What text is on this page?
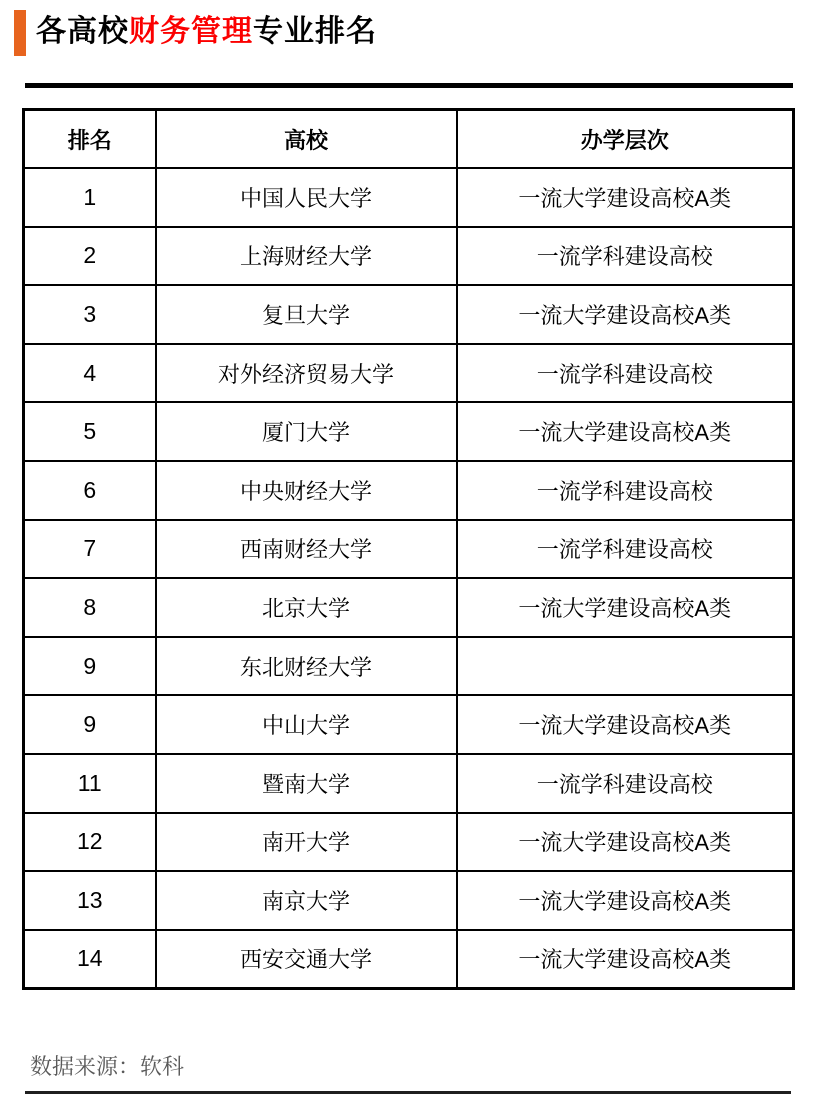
各高校财务管理专业排名
排名	高校	办学层次
1	中国人民大学	一流大学建设高校A类
2	上海财经大学	一流学科建设高校
3	复旦大学	一流大学建设高校A类
4	对外经济贸易大学	一流学科建设高校
5	厦门大学	一流大学建设高校A类
6	中央财经大学	一流学科建设高校
7	西南财经大学	一流学科建设高校
8	北京大学	一流大学建设高校A类
9	东北财经大学	
9	中山大学	一流大学建设高校A类
11	暨南大学	一流学科建设高校
12	南开大学	一流大学建设高校A类
13	南京大学	一流大学建设高校A类
14	西安交通大学	一流大学建设高校A类
数据来源：软科
